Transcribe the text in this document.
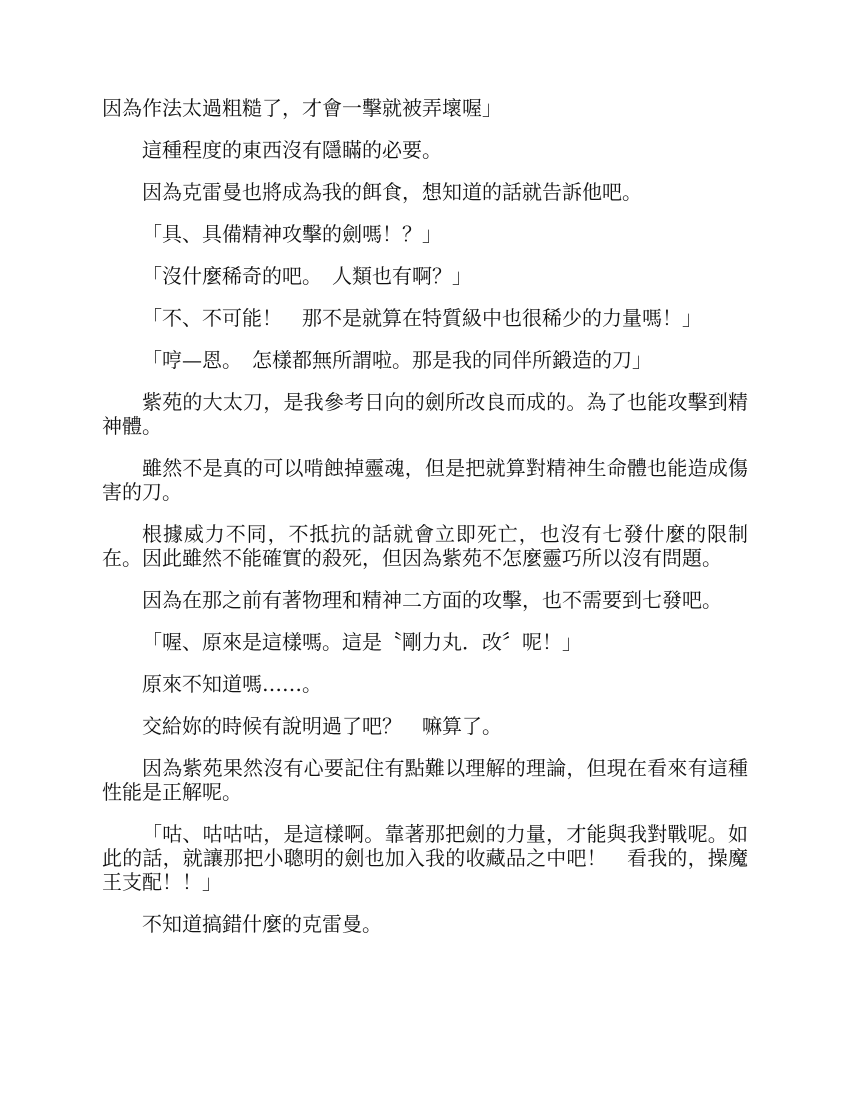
因為作法太過粗糙了，才會一擊就被弄壞喔」

這種程度的東西沒有隱瞞的必要。

因為克雷曼也將成為我的餌食，想知道的話就告訴他吧。

「具、具備精神攻擊的劍嗎！？」

「沒什麼稀奇的吧。　人類也有啊？」

「不、不可能！　那不是就算在特質級中也很稀少的力量嗎！」

「哼—恩。　怎樣都無所謂啦。那是我的同伴所鍛造的刀」

紫苑的大太刀，是我參考日向的劍所改良而成的。為了也能攻擊到精神體。

雖然不是真的可以啃蝕掉靈魂，但是把就算對精神生命體也能造成傷害的刀。

根據威力不同，不抵抗的話就會立即死亡，也沒有七發什麼的限制在。因此雖然不能確實的殺死，但因為紫苑不怎麼靈巧所以沒有問題。

因為在那之前有著物理和精神二方面的攻擊，也不需要到七發吧。

「喔、原來是這樣嗎。這是〝剛力丸．改〞呢！」

原來不知道嗎……。

交給妳的時候有說明過了吧？　嘛算了。

因為紫苑果然沒有心要記住有點難以理解的理論，但現在看來有這種性能是正解呢。

「咕、咕咕咕，是這樣啊。靠著那把劍的力量，才能與我對戰呢。如此的話，就讓那把小聰明的劍也加入我的收藏品之中吧！　看我的，操魔王支配！！」

不知道搞錯什麼的克雷曼。
